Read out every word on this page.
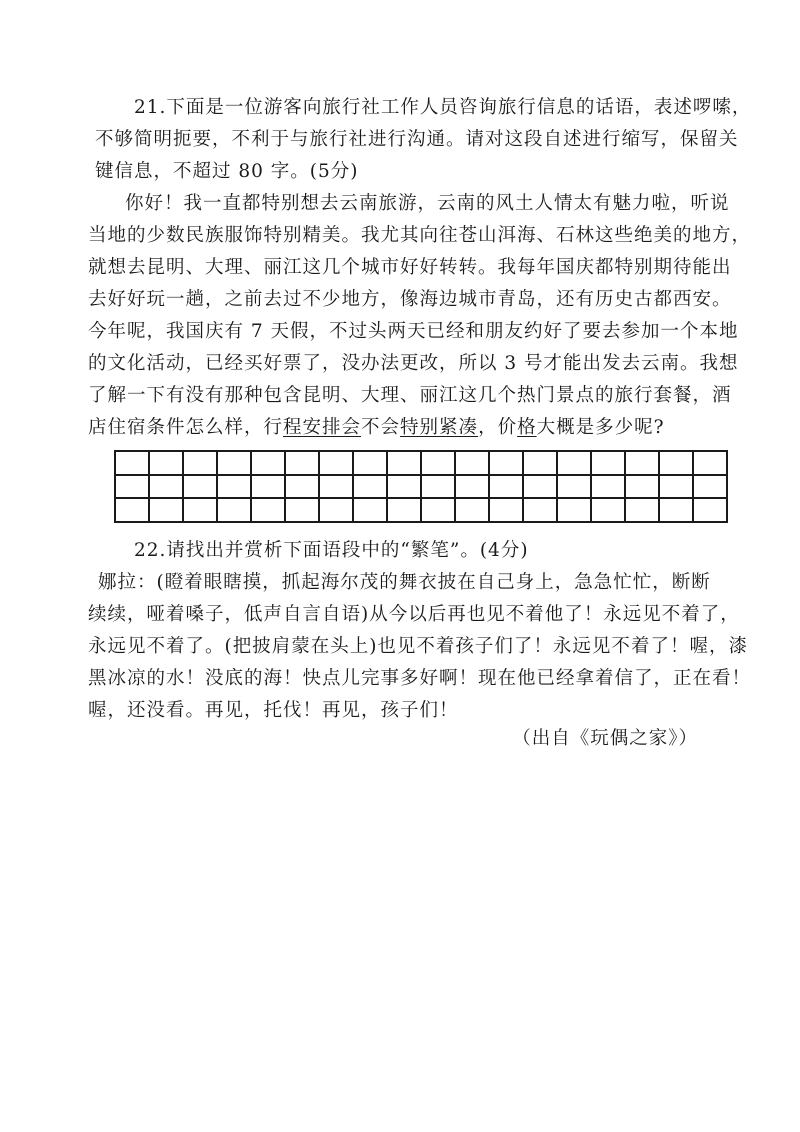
21.下面是一位游客向旅行社工作人员咨询旅行信息的话语，表述啰嗦，
不够简明扼要，不利于与旅行社进行沟通。请对这段自述进行缩写，保留关
键信息，不超过 80 字。(5分)
你好！我一直都特别想去云南旅游，云南的风土人情太有魅力啦，听说
当地的少数民族服饰特别精美。我尤其向往苍山洱海、石林这些绝美的地方，
就想去昆明、大理、丽江这几个城市好好转转。我每年国庆都特别期待能出
去好好玩一趟，之前去过不少地方，像海边城市青岛，还有历史古都西安。
今年呢，我国庆有 7 天假，不过头两天已经和朋友约好了要去参加一个本地
的文化活动，已经买好票了，没办法更改，所以 3 号才能出发去云南。我想
了解一下有没有那种包含昆明、大理、丽江这几个热门景点的旅行套餐，酒
店住宿条件怎么样，行程安排会不会特别紧凑，价格大概是多少呢?
22.请找出并赏析下面语段中的“繁笔”。(4分)
娜拉：(瞪着眼瞎摸，抓起海尔茂的舞衣披在自己身上，急急忙忙，断断
续续，哑着嗓子，低声自言自语)从今以后再也见不着他了！永远见不着了，
永远见不着了。(把披肩蒙在头上)也见不着孩子们了！永远见不着了！喔，漆
黑冰凉的水！没底的海！快点儿完事多好啊！现在他已经拿着信了，正在看！
喔，还没看。再见，托伐！再见，孩子们！
（出自《玩偶之家》）
